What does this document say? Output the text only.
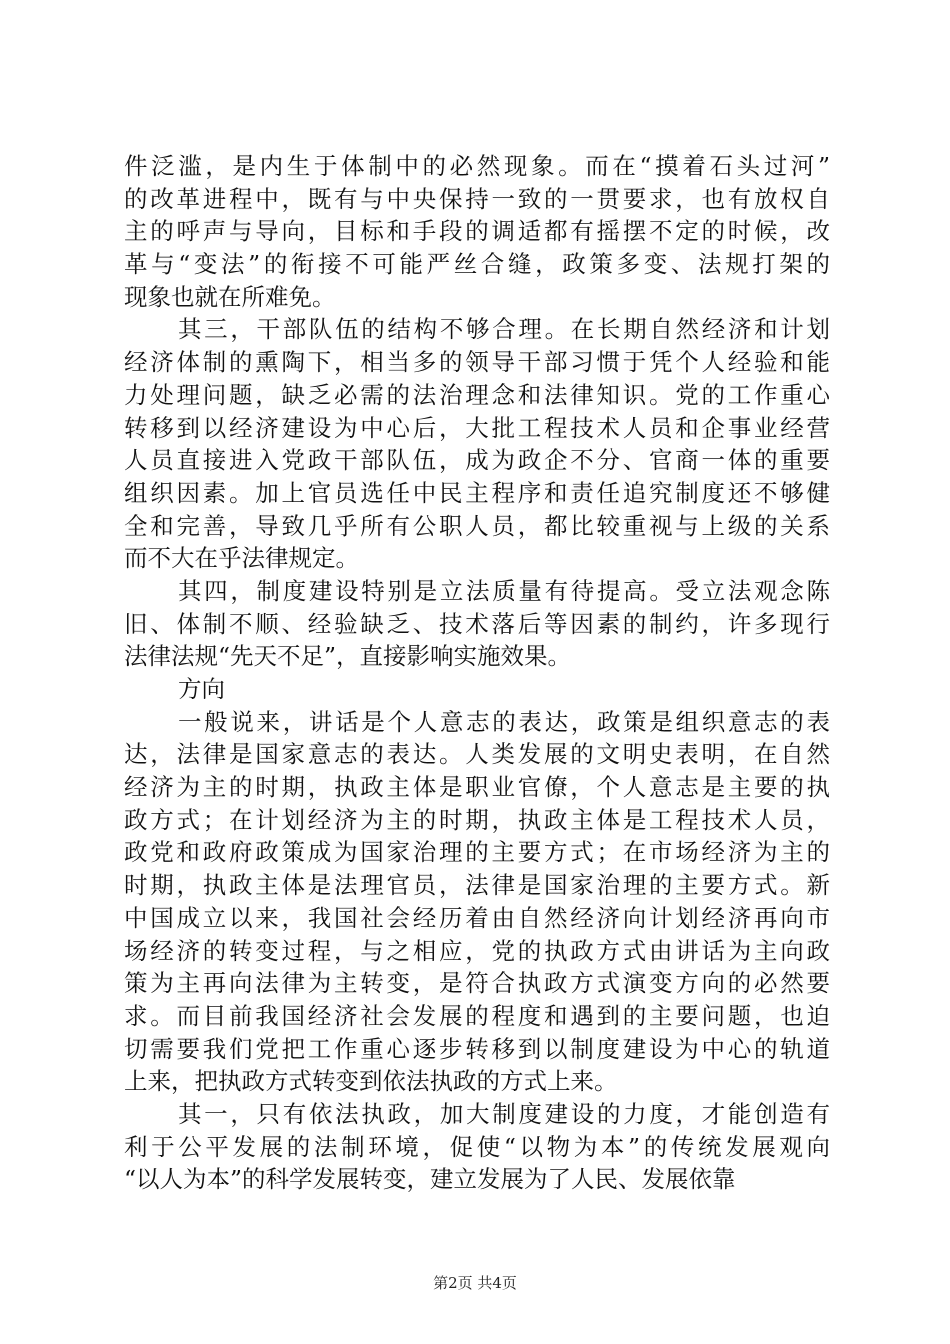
件泛滥，是内生于体制中的必然现象。而在“摸着石头过河”
的改革进程中，既有与中央保持一致的一贯要求，也有放权自
主的呼声与导向，目标和手段的调适都有摇摆不定的时候，改
革与“变法”的衔接不可能严丝合缝，政策多变、法规打架的
现象也就在所难免。
其三，干部队伍的结构不够合理。在长期自然经济和计划
经济体制的熏陶下，相当多的领导干部习惯于凭个人经验和能
力处理问题，缺乏必需的法治理念和法律知识。党的工作重心
转移到以经济建设为中心后，大批工程技术人员和企事业经营
人员直接进入党政干部队伍，成为政企不分、官商一体的重要
组织因素。加上官员选任中民主程序和责任追究制度还不够健
全和完善，导致几乎所有公职人员，都比较重视与上级的关系
而不大在乎法律规定。
其四，制度建设特别是立法质量有待提高。受立法观念陈
旧、体制不顺、经验缺乏、技术落后等因素的制约，许多现行
法律法规“先天不足”，直接影响实施效果。
方向
一般说来，讲话是个人意志的表达，政策是组织意志的表
达，法律是国家意志的表达。人类发展的文明史表明，在自然
经济为主的时期，执政主体是职业官僚，个人意志是主要的执
政方式；在计划经济为主的时期，执政主体是工程技术人员，
政党和政府政策成为国家治理的主要方式；在市场经济为主的
时期，执政主体是法理官员，法律是国家治理的主要方式。新
中国成立以来，我国社会经历着由自然经济向计划经济再向市
场经济的转变过程，与之相应，党的执政方式由讲话为主向政
策为主再向法律为主转变，是符合执政方式演变方向的必然要
求。而目前我国经济社会发展的程度和遇到的主要问题，也迫
切需要我们党把工作重心逐步转移到以制度建设为中心的轨道
上来，把执政方式转变到依法执政的方式上来。
其一，只有依法执政，加大制度建设的力度，才能创造有
利于公平发展的法制环境，促使“以物为本”的传统发展观向
“以人为本”的科学发展转变，建立发展为了人民、发展依靠
第2页 共4页
